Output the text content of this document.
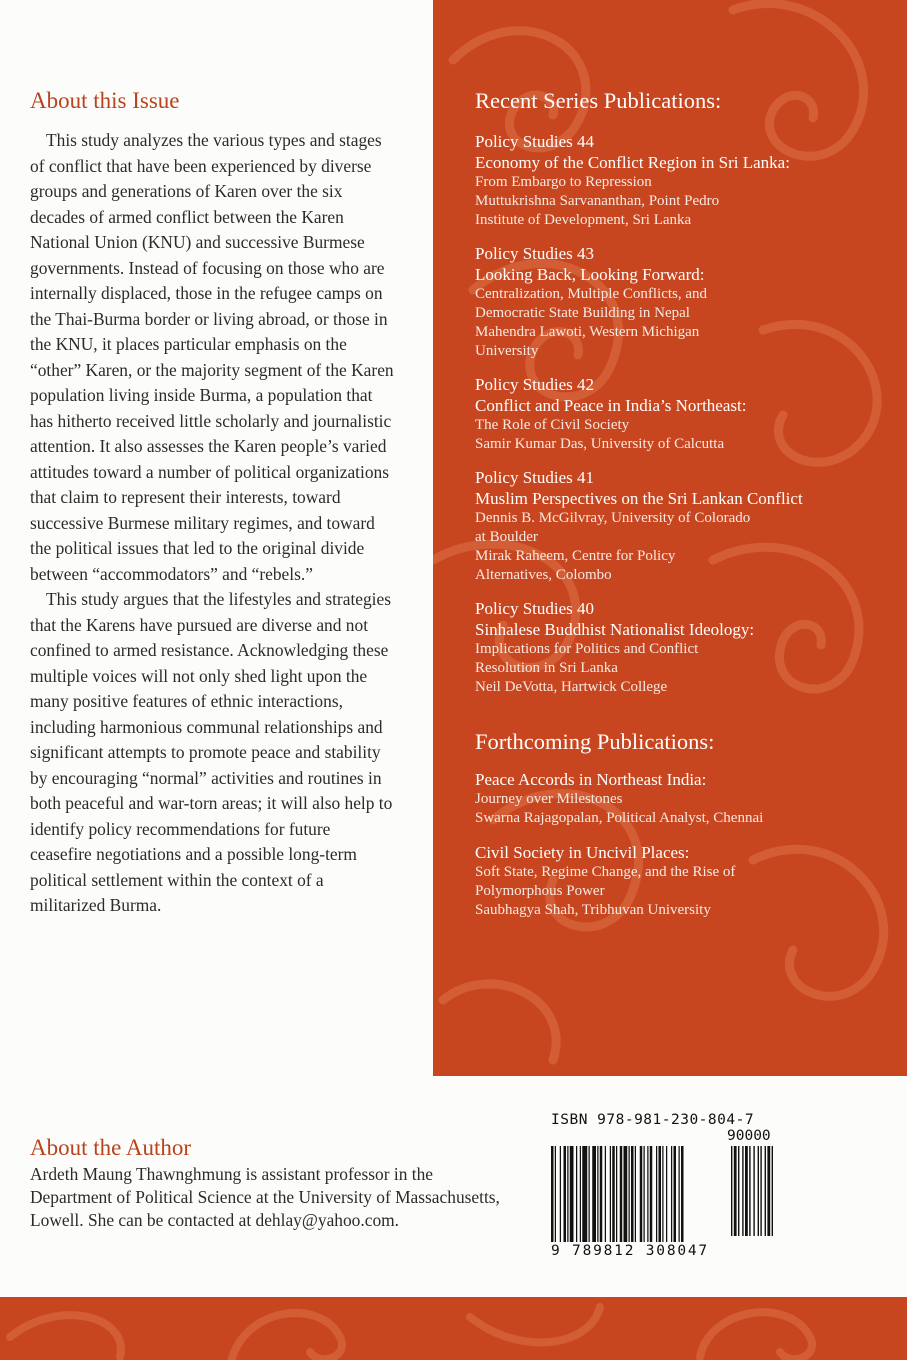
About this Issue

This study analyzes the various types and stages of conflict that have been experienced by diverse groups and generations of Karen over the six decades of armed conflict between the Karen National Union (KNU) and successive Burmese governments. Instead of focusing on those who are internally displaced, those in the refugee camps on the Thai-Burma border or living abroad, or those in the KNU, it places particular emphasis on the “other” Karen, or the majority segment of the Karen population living inside Burma, a population that has hitherto received little scholarly and journalistic attention. It also assesses the Karen people’s varied attitudes toward a number of political organizations that claim to represent their interests, toward successive Burmese military regimes, and toward the political issues that led to the original divide between “accommodators” and “rebels.”

This study argues that the lifestyles and strategies that the Karens have pursued are diverse and not confined to armed resistance. Acknowledging these multiple voices will not only shed light upon the many positive features of ethnic interactions, including harmonious communal relationships and significant attempts to promote peace and stability by encouraging “normal” activities and routines in both peaceful and war-torn areas; it will also help to identify policy recommendations for future ceasefire negotiations and a possible long-term political settlement within the context of a militarized Burma.

About the Author

Ardeth Maung Thawnghmung is assistant professor in the Department of Political Science at the University of Massachusetts, Lowell. She can be contacted at dehlay@yahoo.com.

Recent Series Publications:
Policy Studies 44
Economy of the Conflict Region in Sri Lanka:
From Embargo to Repression
Muttukrishna Sarvananthan, Point Pedro
Institute of Development, Sri Lanka
Policy Studies 43
Looking Back, Looking Forward:
Centralization, Multiple Conflicts, and
Democratic State Building in Nepal
Mahendra Lawoti, Western Michigan
University
Policy Studies 42
Conflict and Peace in India’s Northeast:
The Role of Civil Society
Samir Kumar Das, University of Calcutta
Policy Studies 41
Muslim Perspectives on the Sri Lankan Conflict
Dennis B. McGilvray, University of Colorado
at Boulder
Mirak Raheem, Centre for Policy
Alternatives, Colombo
Policy Studies 40
Sinhalese Buddhist Nationalist Ideology:
Implications for Politics and Conflict
Resolution in Sri Lanka
Neil DeVotta, Hartwick College
Forthcoming Publications:
Peace Accords in Northeast India:
Journey over Milestones
Swarna Rajagopalan, Political Analyst, Chennai
Civil Society in Uncivil Places:
Soft State, Regime Change, and the Rise of
Polymorphous Power
Saubhagya Shah, Tribhuvan University
ISBN 978-981-230-804-7
90000
9 789812 308047
